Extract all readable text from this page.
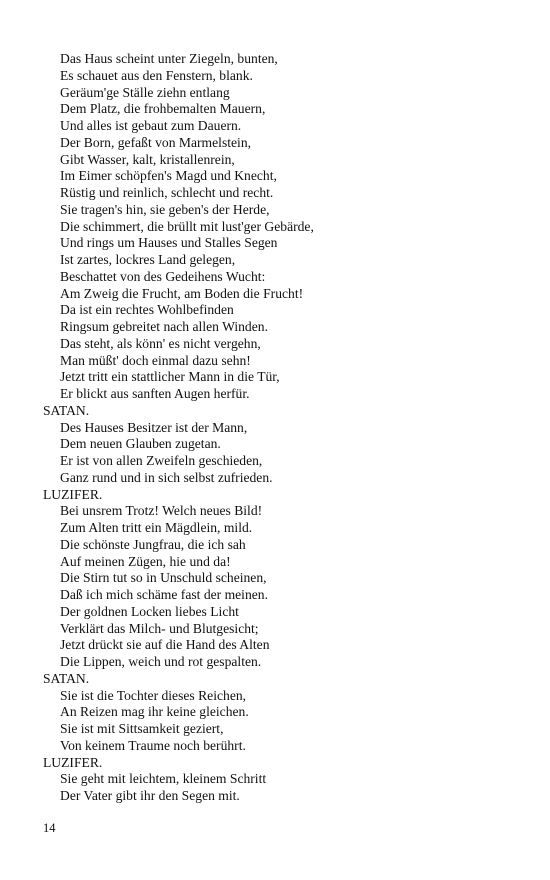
Das Haus scheint unter Ziegeln, bunten,
Es schauet aus den Fenstern, blank.
Geräum'ge Ställe ziehn entlang
Dem Platz, die frohbemalten Mauern,
Und alles ist gebaut zum Dauern.
Der Born, gefaßt von Marmelstein,
Gibt Wasser, kalt, kristallenrein,
Im Eimer schöpfen's Magd und Knecht,
Rüstig und reinlich, schlecht und recht.
Sie tragen's hin, sie geben's der Herde,
Die schimmert, die brüllt mit lust'ger Gebärde,
Und rings um Hauses und Stalles Segen
Ist zartes, lockres Land gelegen,
Beschattet von des Gedeihens Wucht:
Am Zweig die Frucht, am Boden die Frucht!
Da ist ein rechtes Wohlbefinden
Ringsum gebreitet nach allen Winden.
Das steht, als könn' es nicht vergehn,
Man müßt' doch einmal dazu sehn!
Jetzt tritt ein stattlicher Mann in die Tür,
Er blickt aus sanften Augen herfür.
SATAN.
Des Hauses Besitzer ist der Mann,
Dem neuen Glauben zugetan.
Er ist von allen Zweifeln geschieden,
Ganz rund und in sich selbst zufrieden.
LUZIFER.
Bei unsrem Trotz! Welch neues Bild!
Zum Alten tritt ein Mägdlein, mild.
Die schönste Jungfrau, die ich sah
Auf meinen Zügen, hie und da!
Die Stirn tut so in Unschuld scheinen,
Daß ich mich schäme fast der meinen.
Der goldnen Locken liebes Licht
Verklärt das Milch- und Blutgesicht;
Jetzt drückt sie auf die Hand des Alten
Die Lippen, weich und rot gespalten.
SATAN.
Sie ist die Tochter dieses Reichen,
An Reizen mag ihr keine gleichen.
Sie ist mit Sittsamkeit geziert,
Von keinem Traume noch berührt.
LUZIFER.
Sie geht mit leichtem, kleinem Schritt
Der Vater gibt ihr den Segen mit.
14
